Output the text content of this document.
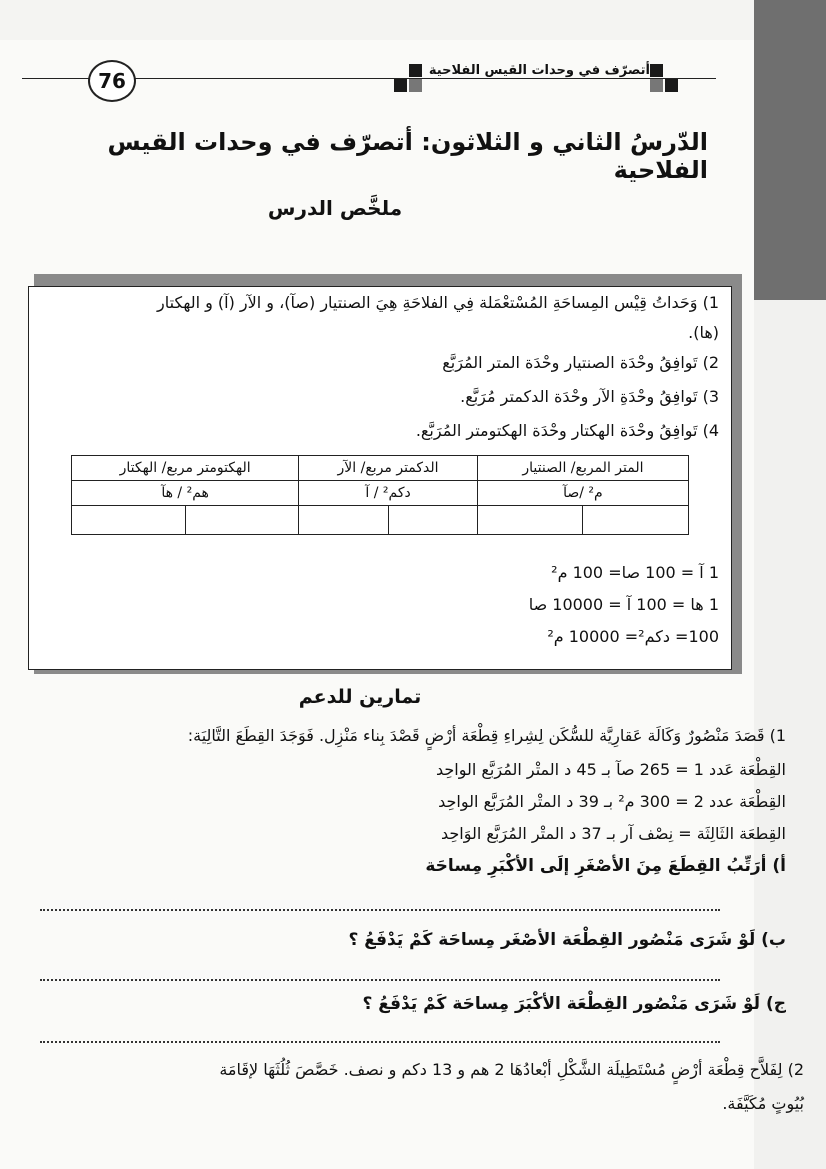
76	أتصرّف في وحدات القيس الفلاحية
الدّرسُ الثاني و الثلاثون: أتصرّف في وحدات القيس الفلاحية
ملخَّص الدرس
1) وَحَداتُ قِيْس المِساحَةِ المُسْتعْمَلة فِي الفلاحَةِ هِيَ الصنتيار (صآ)، و الآر (آ) و الهكتار
(ها).
2) تَوافِقُ وحْدَة الصنتيار وحْدَة المتر المُرَبَّع
3) تَوافِقُ وحْدَةِ الآر وحْدَة الدكمتر مُرَبَّع.
4) تَوافِقُ وحْدَة الهكتار وحْدَة الهكتومتر المُرَبَّع.
المتر المربع/ الصنتيار		الدكمتر مربع/ الآر		الهكتومتر مربع/ الهكتار	
م² /صآ		دكم² / آ		هم² / هآ	

1 آ = 100 صا= 100 م²
1 ها = 100 آ = 10000 صا
100= دكم²= 10000 م²
تمارين للدعم
1) قَصَدَ مَنْصُورٌ وَكَالَة عَقارِيَّة للسُّكَن لِشِراءِ قِطْعَة أرْضٍ قَصْدَ بِناء مَنْزِل. فَوَجَدَ القِطَعَ التَّالِيَة:
القِطْعَة عَدد 1 = 265 صآ بـ 45 د المتْر المُرَبَّع الواحِد
القِطْعَة عدد 2 = 300 م² بـ 39 د المتْر المُرَبَّع الواحِد
القِطعَة الثَالِثَة = نِصْف آر بـ 37 د المتْر المُرَبَّع الوَاحِد
أ) أرَتِّبُ القِطَعَ مِنَ الأصْغَرِ إلَى الأكْبَرِ مِساحَة
ب) لَوْ شَرَى مَنْصُور القِطْعَة الأصْغَر مِساحَة كَمْ يَدْفَعُ ؟
ج) لَوْ شَرَى مَنْصُور القِطْعَة الأكْبَرَ مِساحَة كَمْ يَدْفَعُ ؟
2) لِفَلاَّح قِطْعَة أرْضٍ مُسْتَطِيلَة الشَّكْلِ أبْعادُهَا 2 هم و 13 دكم و نصف. خَصَّصَ ثُلُثَهَا لإقَامَة
بُيُوتٍ مُكَيَّفَة.
